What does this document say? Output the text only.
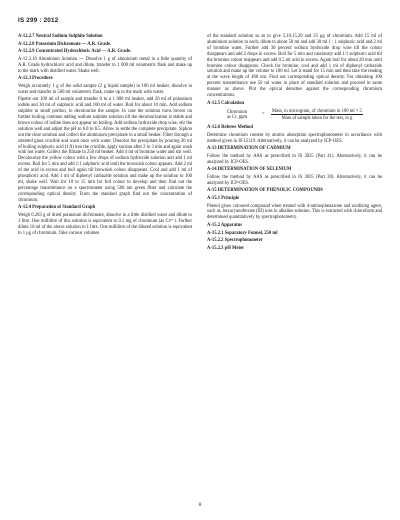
IS 299 : 2012
A-12.2.7 Neutral Sodium Sulphite Solution
A-12.2.8 Potassium Dichromate — A.R. Grade.
A-12.2.9 Concentrated Hydrochloric Acid — A.R. Grade.
A-12.2.10 Aluminium Solution — Dissolve 1 g of aluminium metal in a little quantity of A.R. Grade hydrochloric acid and dilute, transfer to 1 000 ml volumetric flask and make up to the mark with distilled water. Shake well.
A-12.3 Procedure
Weigh accurately 1 g of the solid sample (2 g liquid sample) in 100 ml beaker, dissolve in water and transfer in 500 ml volumetric flask, make up to the mark with water.
Pipette out 100 ml of sample and transfer it to a 1 000 ml beaker, add 20 ml of potassium iodide and 30 ml of sulphuric acid and 100 ml of water. Boil for about 10 min. Add sodium sulphite in small portion, to decolourize the sample. In case the solution turns brown on further boiling continue adding sodium sulphite solution till the decolourization is stable and brown colour of iodine does not appear on boiling. Add sodium hydroxide drop wise, stir the solution well and adjust the pH to 6.0 to 6.5. Allow to settle the complete precipitate. Siphon out the clear solution and collect the aluminium precipitate in a small beaker. Filter through a sintered glass crucible and wash once with water. Dissolve the precipitate by pouring 20 ml of boiling sulphuric acid (1:9) into the crucible, apply suction after 2 to 3 min and again wash with hot water. Collect the filtrate in 250 ml beaker. Add 4 ml of bromine water and stir well. Decolourize the yellow colour with a few drops of sodium hydroxide solution and add 1 ml excess. Boil for 5 min and add 1:1 sulphuric acid until the brownish colour appears. Add 2 ml of the acid in excess and boil again till brownish colour disappears. Cool and add 1 ml of phosphoric acid. Add 1 ml of diphenyl carbazide solution and make up the solution to 100 ml, shake well. Wait for 10 to 15 min for full colour to develop and then find out the percentage transmittance on a spectrometer using 560 nm green filter and calculate the corresponding optical density. From the standard graph find out the concentration of chromium.
A-12.4 Preparation of Standard Graph
Weigh 0.283 g of dried potassium dichromate, dissolve in a little distilled water and dilute to 1 litre. One millilitre of this solution is equivalent to 0.1 mg of chromium (as Cr⁶⁺). Further dilute 10 ml of the above solution to 1 litre. One millilitre of the diluted solution is equivalent to 1 μg of chromium. Take various volumes
of the standard solution so as to give 5,10,15,20 and 25 μg of chromium. Add 15 ml of aluminium solution to each; dilute to about 50 ml and add 30 ml 1 : 1 sulphuric acid and 2 ml of bromine water. Further add 30 percent sodium hydroxide drop wise till the colour disappears and add 2 drops in excess. Boil for 5 min and cautiously add 1:1 sulphuric acid till the bromine colour reappears and add 0.5 ml acid in excess. Again boil for about 20 min until bromine colour disappears. Check for bromine, cool and add 1 ml of diphenyl carbazide solution and make up the volume to 100 ml. Let it stand for 15 min and then take the reading at the wave length of 460 nm. Find out corresponding optical density. For obtaining 100 percent transmittance use 50 ml water in place of standard solution and proceed in same manner as above. Plot the optical densities against the corresponding chromium concentrations.
A-12.5 Calculation
Chromium
as Cr, ppm
=	$\frac{\text{Mass, in microgram, of chromium in 100 ml × 5}}{\text{Mass of sample taken for the test, in g}}$
A-12.6 Referee Method
Determine chromium content by atomic absorption spectrophotometer in accordance with method given in IS 15319. Alternatively, it can be analyzed by ICP-OES.
A-13 DETERMINATION OF CADMIUM
Follow the method by AAS as prescribed in IS 3025 (Part 41). Alternatively, it can be analyzed by ICP-OES.
A-14 DETERMINATION OF SELENIUM
Follow the method by AAS as prescribed in IS 3025 (Part 28). Alternatively, it can be analyzed by ICP-OES.
A-15 DETERMINATION OF PHENOLIC COMPOUNDS
A-15.1 Principle
Phenol gives coloured compound when treated with 4-aminophenazone and oxidizing agent, such as, hexacyanoferrate (III) ions in alkaline solution. This is extracted with chloroform and determined quantitatively by spectrophotometry.
A-15.2 Apparatus
A-15.2.1 Separatory Funnel, 250 ml
A-15.2.2 Spectrophotometer
A-15.2.3 pH Meter
8
